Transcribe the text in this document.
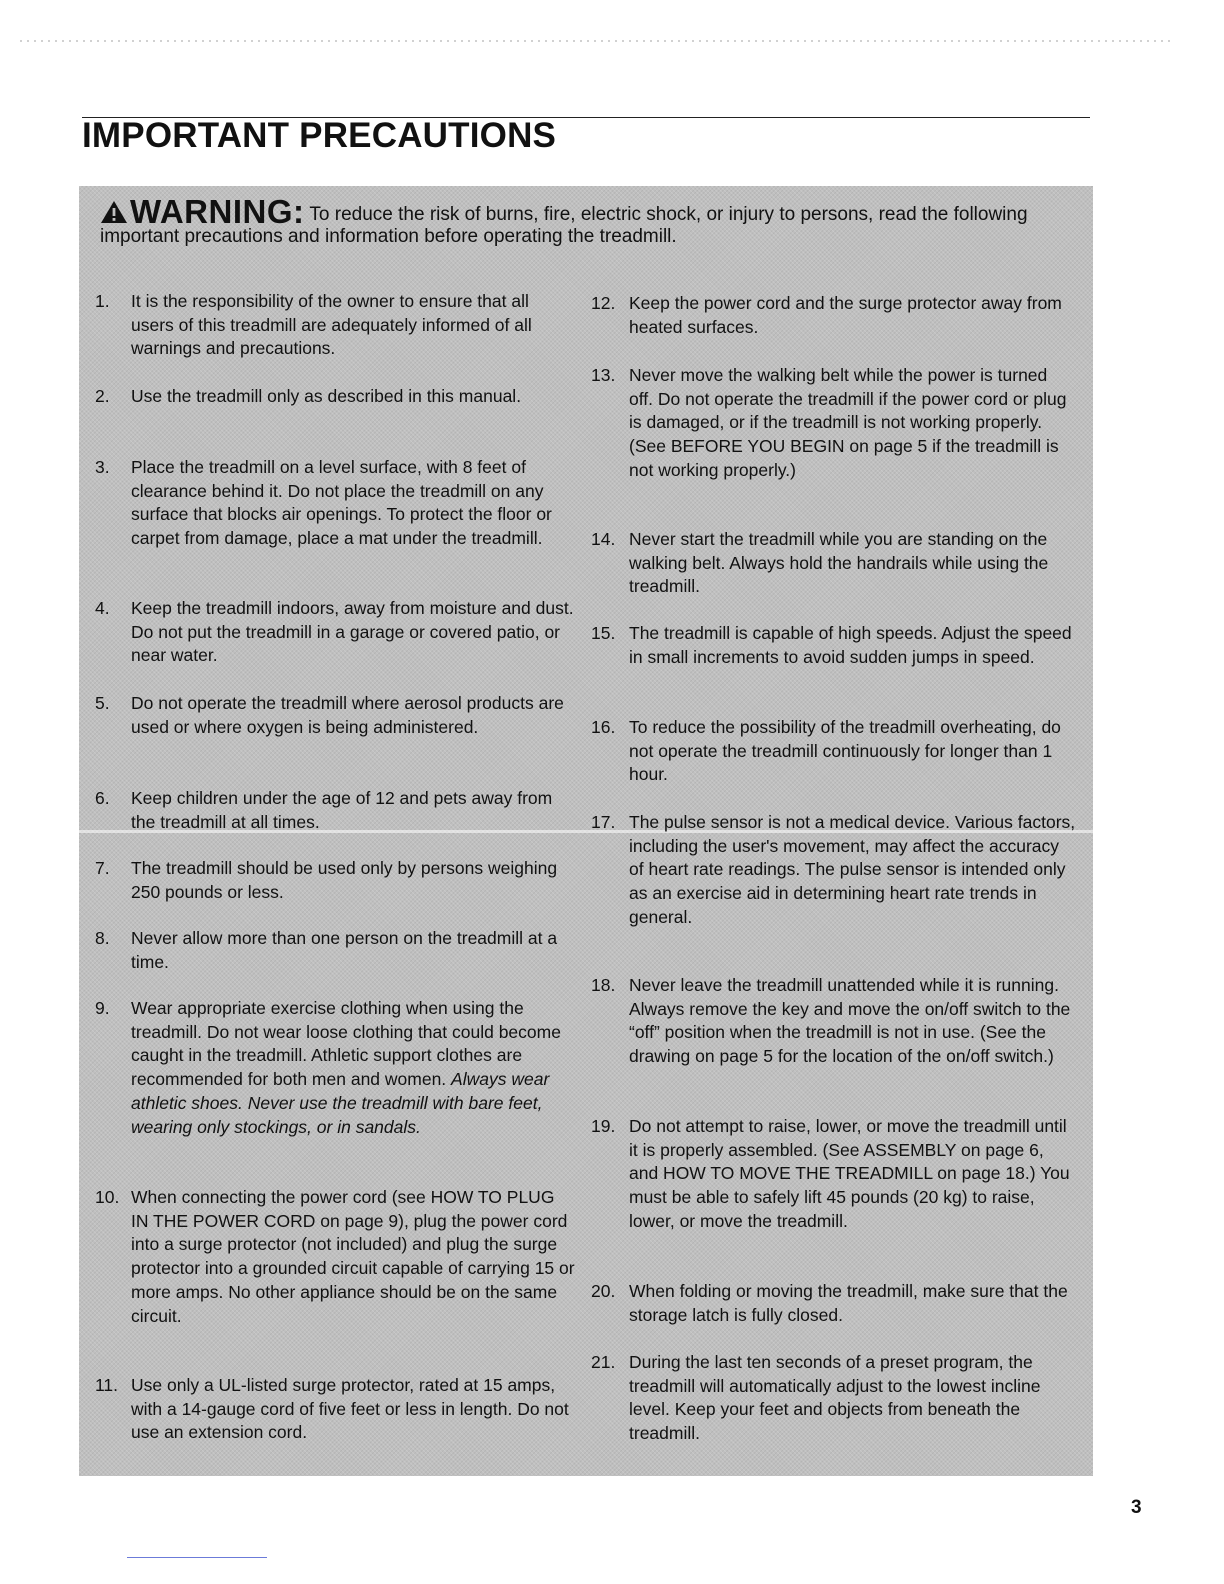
IMPORTANT PRECAUTIONS
WARNING: To reduce the risk of burns, fire, electric shock, or injury to persons, read the following important precautions and information before operating the treadmill.
1.	It is the responsibility of the owner to ensure that all users of this treadmill are adequately informed of all warnings and precautions.
2.	Use the treadmill only as described in this manual.
3.	Place the treadmill on a level surface, with 8 feet of clearance behind it. Do not place the treadmill on any surface that blocks air openings. To protect the floor or carpet from damage, place a mat under the treadmill.
4.	Keep the treadmill indoors, away from moisture and dust. Do not put the treadmill in a garage or covered patio, or near water.
5.	Do not operate the treadmill where aerosol products are used or where oxygen is being administered.
6.	Keep children under the age of 12 and pets away from the treadmill at all times.
7.	The treadmill should be used only by persons weighing 250 pounds or less.
8.	Never allow more than one person on the treadmill at a time.
9.	Wear appropriate exercise clothing when using the treadmill. Do not wear loose clothing that could become caught in the treadmill. Athletic support clothes are recommended for both men and women. Always wear athletic shoes. Never use the treadmill with bare feet, wearing only stockings, or in sandals.
10. When connecting the power cord (see HOW TO PLUG IN THE POWER CORD on page 9), plug the power cord into a surge protector (not included) and plug the surge protector into a grounded circuit capable of carrying 15 or more amps. No other appliance should be on the same circuit.
11. Use only a UL-listed surge protector, rated at 15 amps, with a 14-gauge cord of five feet or less in length. Do not use an extension cord.
12. Keep the power cord and the surge protector away from heated surfaces.
13. Never move the walking belt while the power is turned off. Do not operate the treadmill if the power cord or plug is damaged, or if the treadmill is not working properly. (See BEFORE YOU BEGIN on page 5 if the treadmill is not working properly.)
14. Never start the treadmill while you are standing on the walking belt. Always hold the handrails while using the treadmill.
15. The treadmill is capable of high speeds. Adjust the speed in small increments to avoid sudden jumps in speed.
16. To reduce the possibility of the treadmill overheating, do not operate the treadmill continuously for longer than 1 hour.
17. The pulse sensor is not a medical device. Various factors, including the user's movement, may affect the accuracy of heart rate readings. The pulse sensor is intended only as an exercise aid in determining heart rate trends in general.
18. Never leave the treadmill unattended while it is running. Always remove the key and move the on/off switch to the “off” position when the treadmill is not in use. (See the drawing on page 5 for the location of the on/off switch.)
19. Do not attempt to raise, lower, or move the treadmill until it is properly assembled. (See ASSEMBLY on page 6, and HOW TO MOVE THE TREADMILL on page 18.) You must be able to safely lift 45 pounds (20 kg) to raise, lower, or move the treadmill.
20. When folding or moving the treadmill, make sure that the storage latch is fully closed.
21. During the last ten seconds of a preset program, the treadmill will automatically adjust to the lowest incline level. Keep your feet and objects from beneath the treadmill.
3
